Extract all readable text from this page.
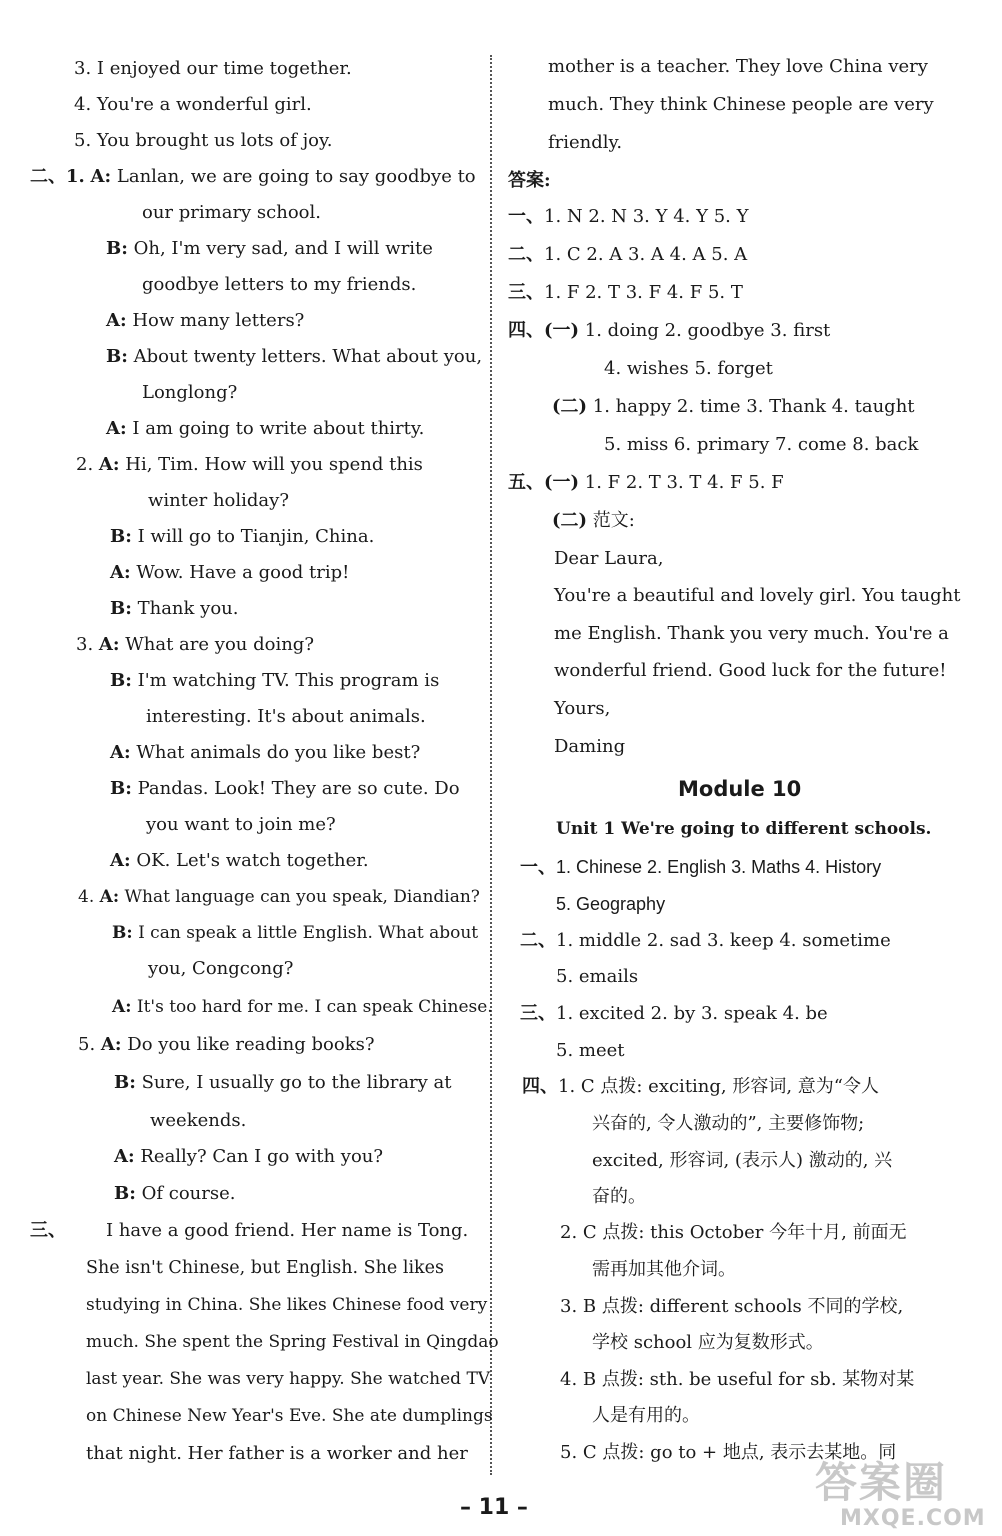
3. I enjoyed our time together.
4. You're a wonderful girl.
5. You brought us lots of joy.
二、1. A: Lanlan, we are going to say goodbye to
our primary school.
B: Oh, I'm very sad, and I will write
goodbye letters to my friends.
A: How many letters?
B: About twenty letters. What about you,
Longlong?
A: I am going to write about thirty.
2. A: Hi, Tim. How will you spend this
winter holiday?
B: I will go to Tianjin, China.
A: Wow. Have a good trip!
B: Thank you.
3. A: What are you doing?
B: I'm watching TV. This program is
interesting. It's about animals.
A: What animals do you like best?
B: Pandas. Look! They are so cute. Do
you want to join me?
A: OK. Let's watch together.
4. A: What language can you speak, Diandian?
B: I can speak a little English. What about
you, Congcong?
A: It's too hard for me. I can speak Chinese.
5. A: Do you like reading books?
B: Sure, I usually go to the library at
weekends.
A: Really? Can I go with you?
B: Of course.
三、 I have a good friend. Her name is Tong.
She isn't Chinese, but English. She likes
studying in China. She likes Chinese food very
much. She spent the Spring Festival in Qingdao
last year. She was very happy. She watched TV
on Chinese New Year's Eve. She ate dumplings
that night. Her father is a worker and her
mother is a teacher. They love China very
much. They think Chinese people are very
friendly.
答案:
一、1. N 2. N 3. Y 4. Y 5. Y
二、1. C 2. A 3. A 4. A 5. A
三、1. F 2. T 3. F 4. F 5. T
四、(一) 1. doing 2. goodbye 3. first
4. wishes 5. forget
(二) 1. happy 2. time 3. Thank 4. taught
5. miss 6. primary 7. come 8. back
五、(一) 1. F 2. T 3. T 4. F 5. F
(二) 范文:
Dear Laura,
You're a beautiful and lovely girl. You taught
me English. Thank you very much. You're a
wonderful friend. Good luck for the future!
Yours,
Daming
Module 10
Unit 1 We're going to different schools.
一、1. Chinese 2. English 3. Maths 4. History
5. Geography
二、1. middle 2. sad 3. keep 4. sometime
5. emails
三、1. excited 2. by 3. speak 4. be
5. meet
四、1. C 点拨: exciting, 形容词, 意为“令人
兴奋的, 令人激动的”, 主要修饰物;
excited, 形容词, (表示人) 激动的, 兴
奋的。
2. C 点拨: this October 今年十月, 前面无
需再加其他介词。
3. B 点拨: different schools 不同的学校,
学校 school 应为复数形式。
4. B 点拨: sth. be useful for sb. 某物对某
人是有用的。
5. C 点拨: go to + 地点, 表示去某地。同
– 11 –
答案圈
MXQE.COM
